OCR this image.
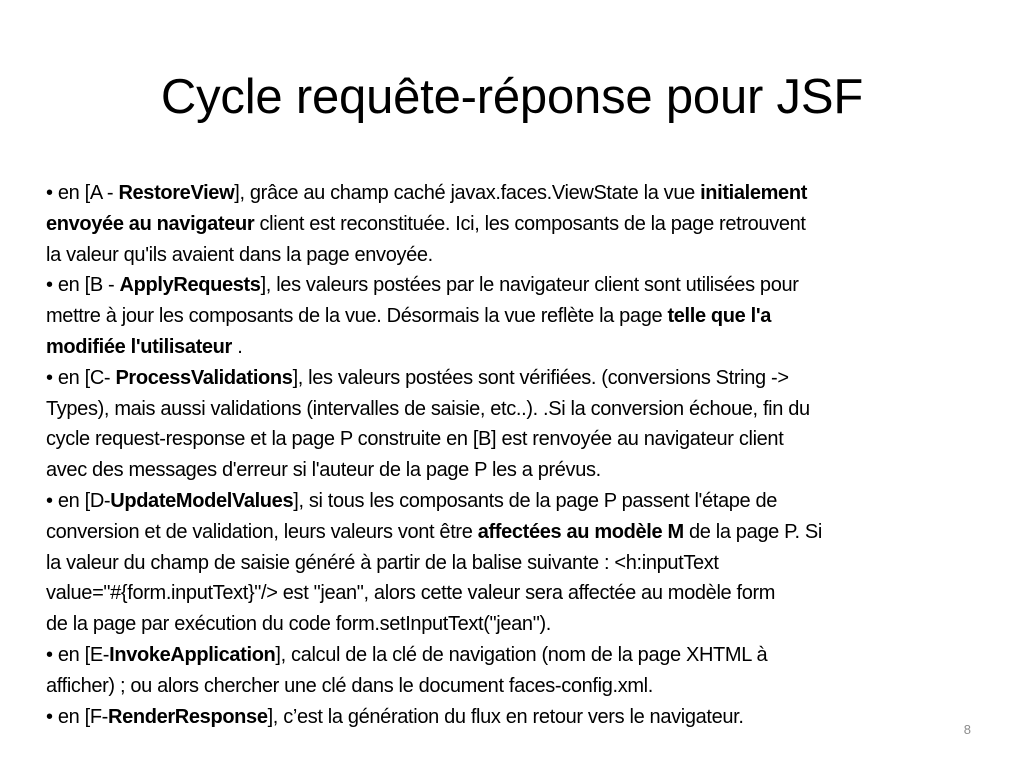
Cycle requête-réponse pour JSF
• en [A - RestoreView], grâce au champ caché javax.faces.ViewState la vue initialement
envoyée au navigateur client est reconstituée. Ici, les composants de la page retrouvent
la valeur qu'ils avaient dans la page envoyée.
• en [B - ApplyRequests], les valeurs postées par le navigateur client sont utilisées pour
mettre à jour les composants de la vue. Désormais la vue reflète la page telle que l'a
modifiée l'utilisateur .
• en [C- ProcessValidations], les valeurs postées sont vérifiées. (conversions String ->
Types), mais aussi validations (intervalles de saisie, etc..). .Si la conversion échoue, fin du
cycle request-response et la page P construite en [B] est renvoyée au navigateur client
avec des messages d'erreur si l'auteur de la page P les a prévus.
• en [D-UpdateModelValues], si tous les composants de la page P passent l'étape de
conversion et de validation, leurs valeurs vont être affectées au modèle M de la page P. Si
la valeur du champ de saisie généré à partir de la balise suivante : <h:inputText
value="#{form.inputText}"/> est "jean", alors cette valeur sera affectée au modèle form
de la page par exécution du code form.setInputText("jean").
• en [E-InvokeApplication], calcul de la clé de navigation (nom de la page XHTML à
afficher) ; ou alors chercher une clé dans le document faces-config.xml.
• en [F-RenderResponse], c’est la génération du flux en retour vers le navigateur.
8
